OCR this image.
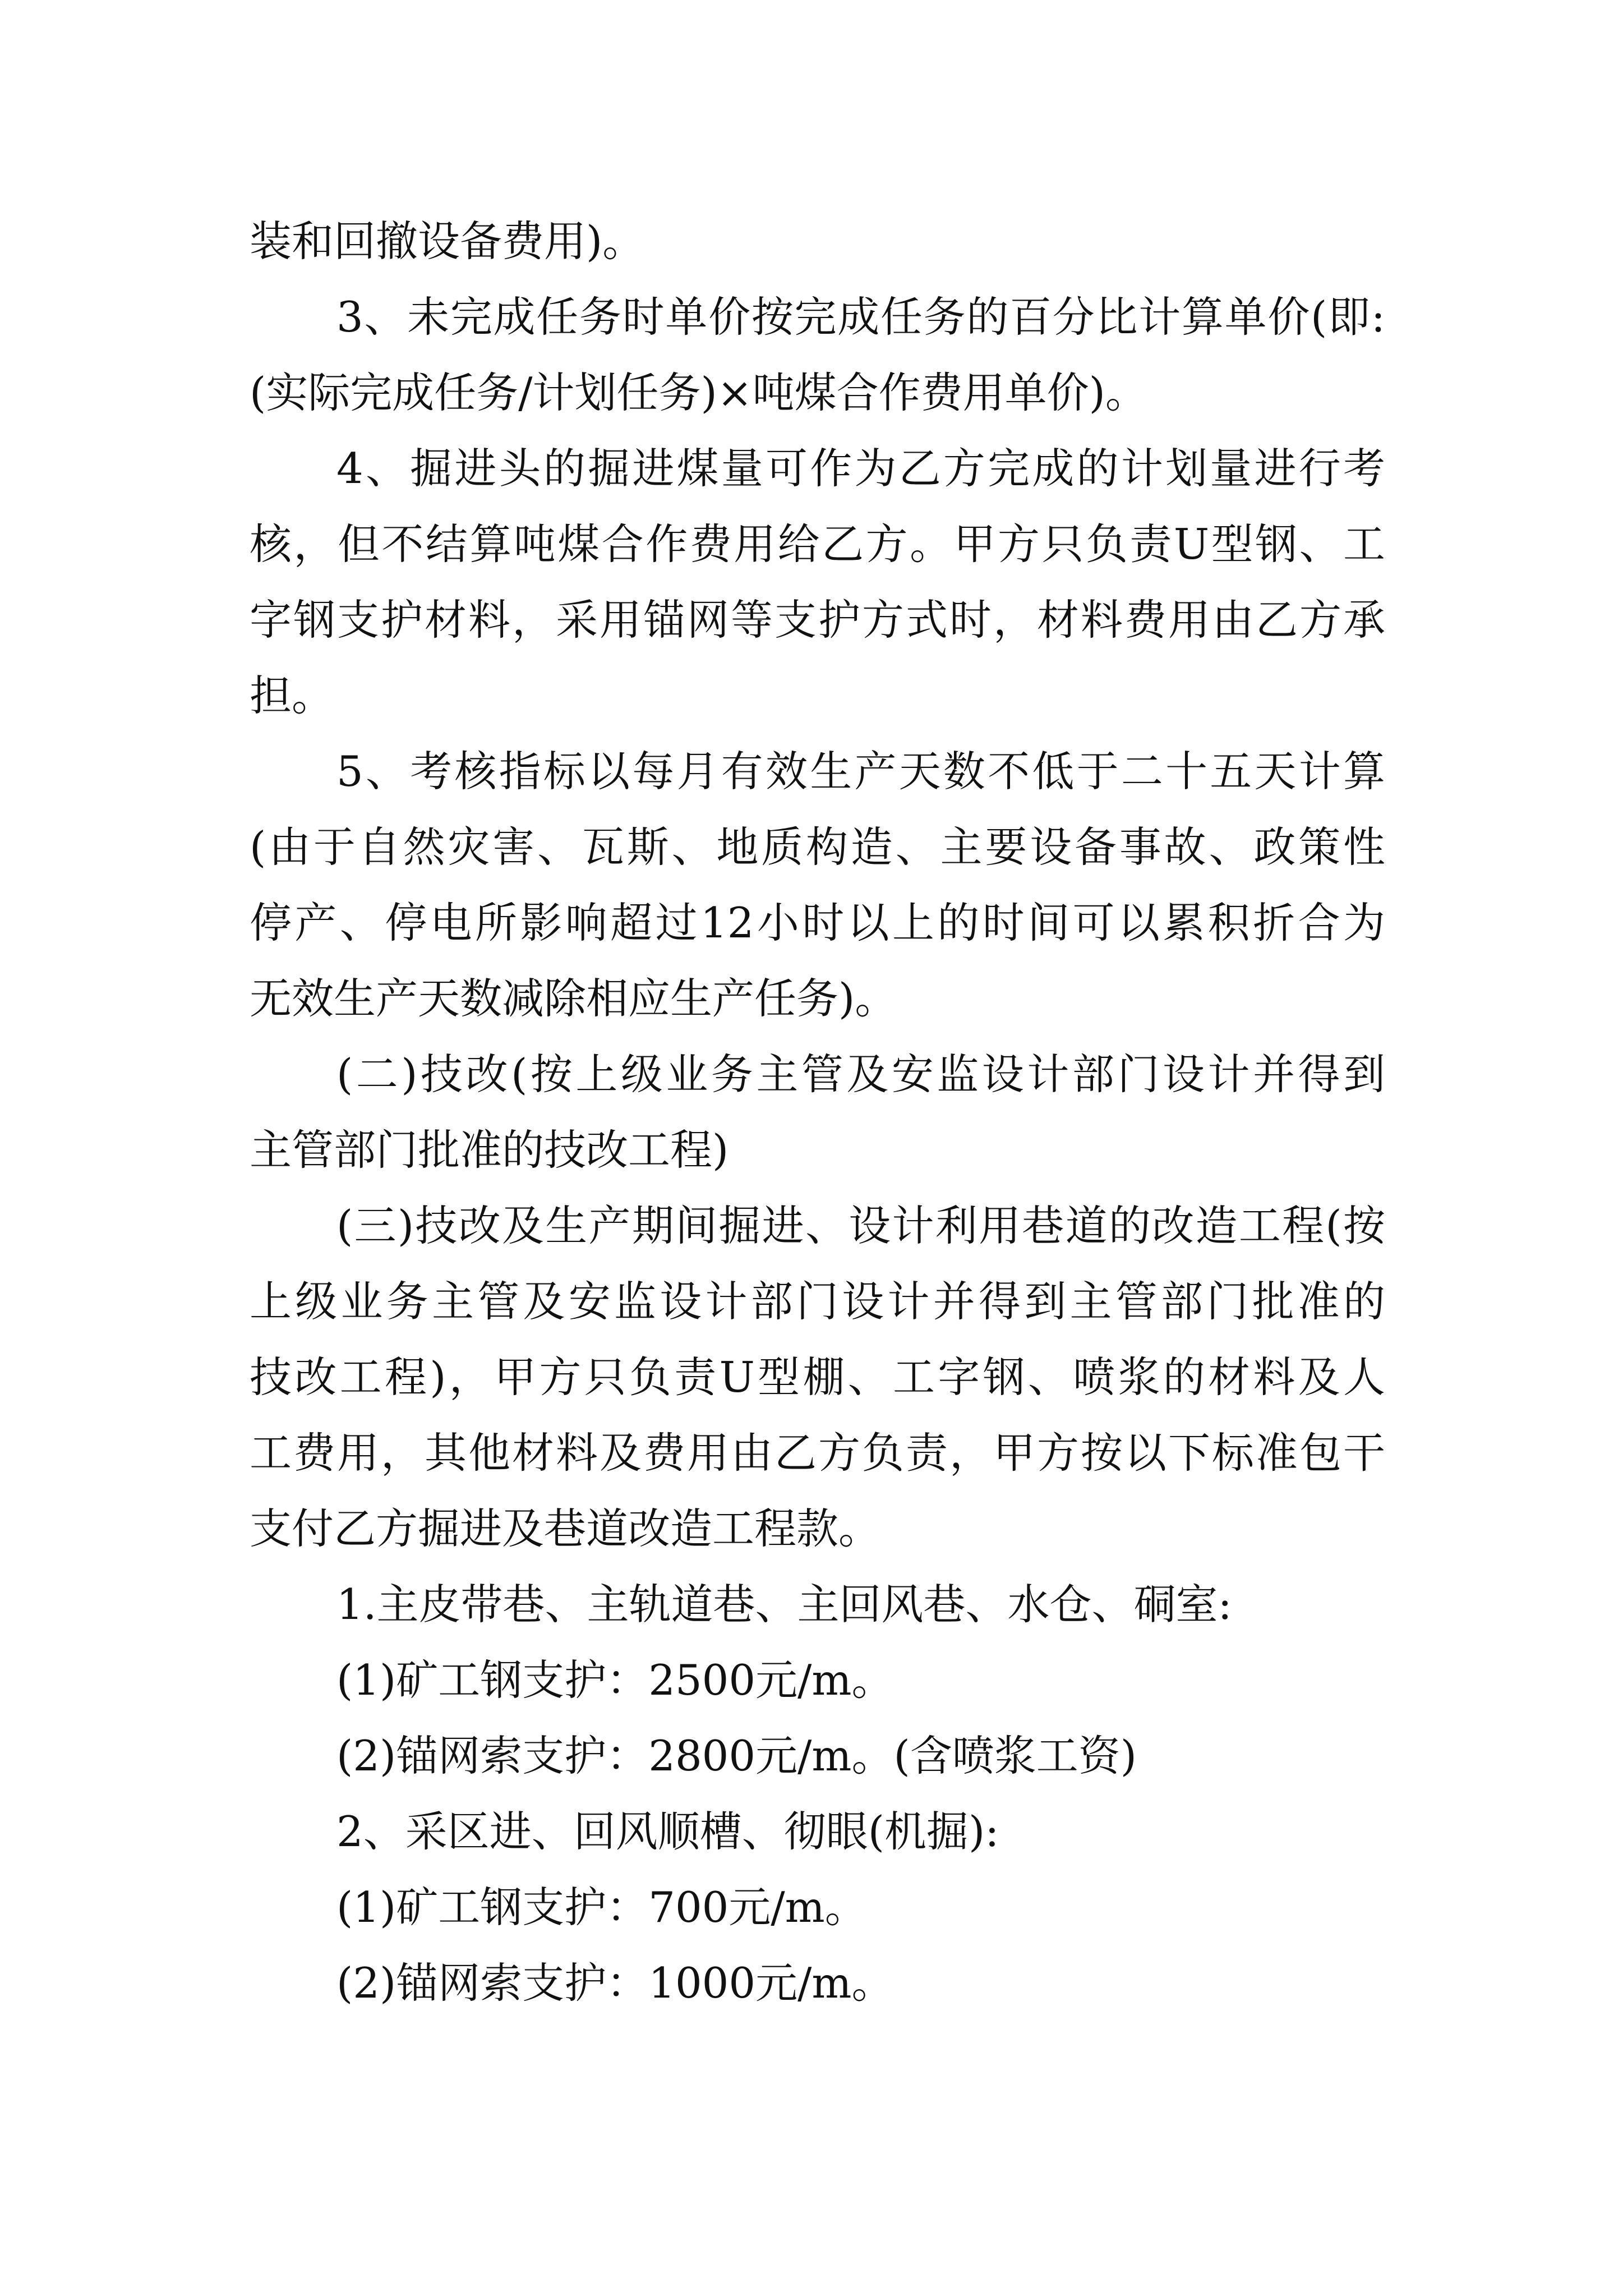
装和回撤设备费用)。
3、未完成任务时单价按完成任务的百分比计算单价(即:
(实际完成任务/计划任务)×吨煤合作费用单价)。
4、掘进头的掘进煤量可作为乙方完成的计划量进行考
核，但不结算吨煤合作费用给乙方。甲方只负责U型钢、工
字钢支护材料，采用锚网等支护方式时，材料费用由乙方承
担。
5、考核指标以每月有效生产天数不低于二十五天计算
(由于自然灾害、瓦斯、地质构造、主要设备事故、政策性
停产、停电所影响超过12小时以上的时间可以累积折合为
无效生产天数减除相应生产任务)。
(二)技改(按上级业务主管及安监设计部门设计并得到
主管部门批准的技改工程)
(三)技改及生产期间掘进、设计利用巷道的改造工程(按
上级业务主管及安监设计部门设计并得到主管部门批准的
技改工程)，甲方只负责U型棚、工字钢、喷浆的材料及人
工费用，其他材料及费用由乙方负责，甲方按以下标准包干
支付乙方掘进及巷道改造工程款。
1.主皮带巷、主轨道巷、主回风巷、水仓、硐室:
(1)矿工钢支护：2500元/m。
(2)锚网索支护：2800元/m。(含喷浆工资)
2、采区进、回风顺槽、彻眼(机掘):
(1)矿工钢支护：700元/m。
(2)锚网索支护：1000元/m。
